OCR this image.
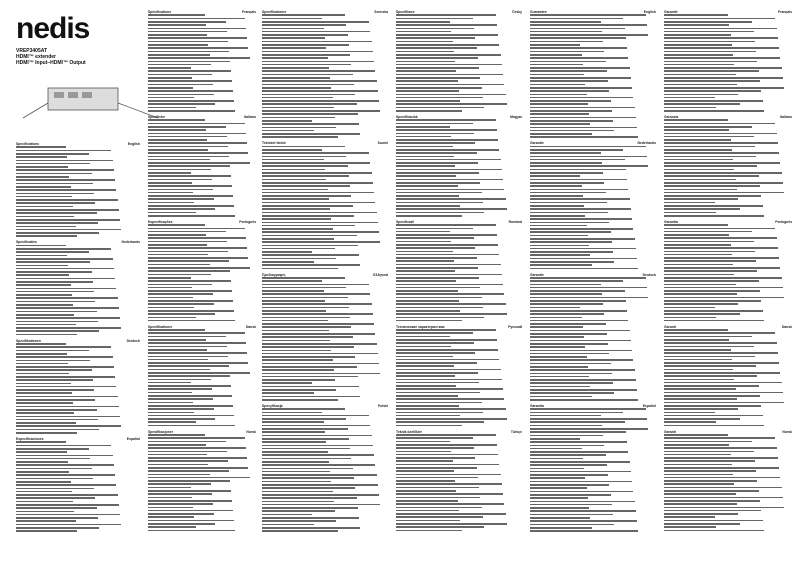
nedis
VREP3405AT
HDMI™ extender
HDMI™ Input–HDMI™ Output
Specifications	English
Specificaties	Nederlands
Spezifikationen	Deutsch
Especificaciones	Español
Spécifications	Français
Specifiche	Italiano
Especificações	Português
Specifikationer	Dansk
Spesifikasjoner	Norsk
Specifikationer	Svenska
Tekniset tiedot	Suomi
Προδιαγραφές	Ελληνικά
Specyfikacja	Polski
Specifikace	Česky
Specifikációk	Magyar
Specificații	Română
Технические характеристики	Русский
Teknik özellikler	Türkçe
Guarantee	English
Garantie	Nederlands
Garantie	Deutsch
Garantía	Español
Garantie	Français
Garanzia	Italiano
Garantia	Português
Garanti	Dansk
Garanti	Norsk
